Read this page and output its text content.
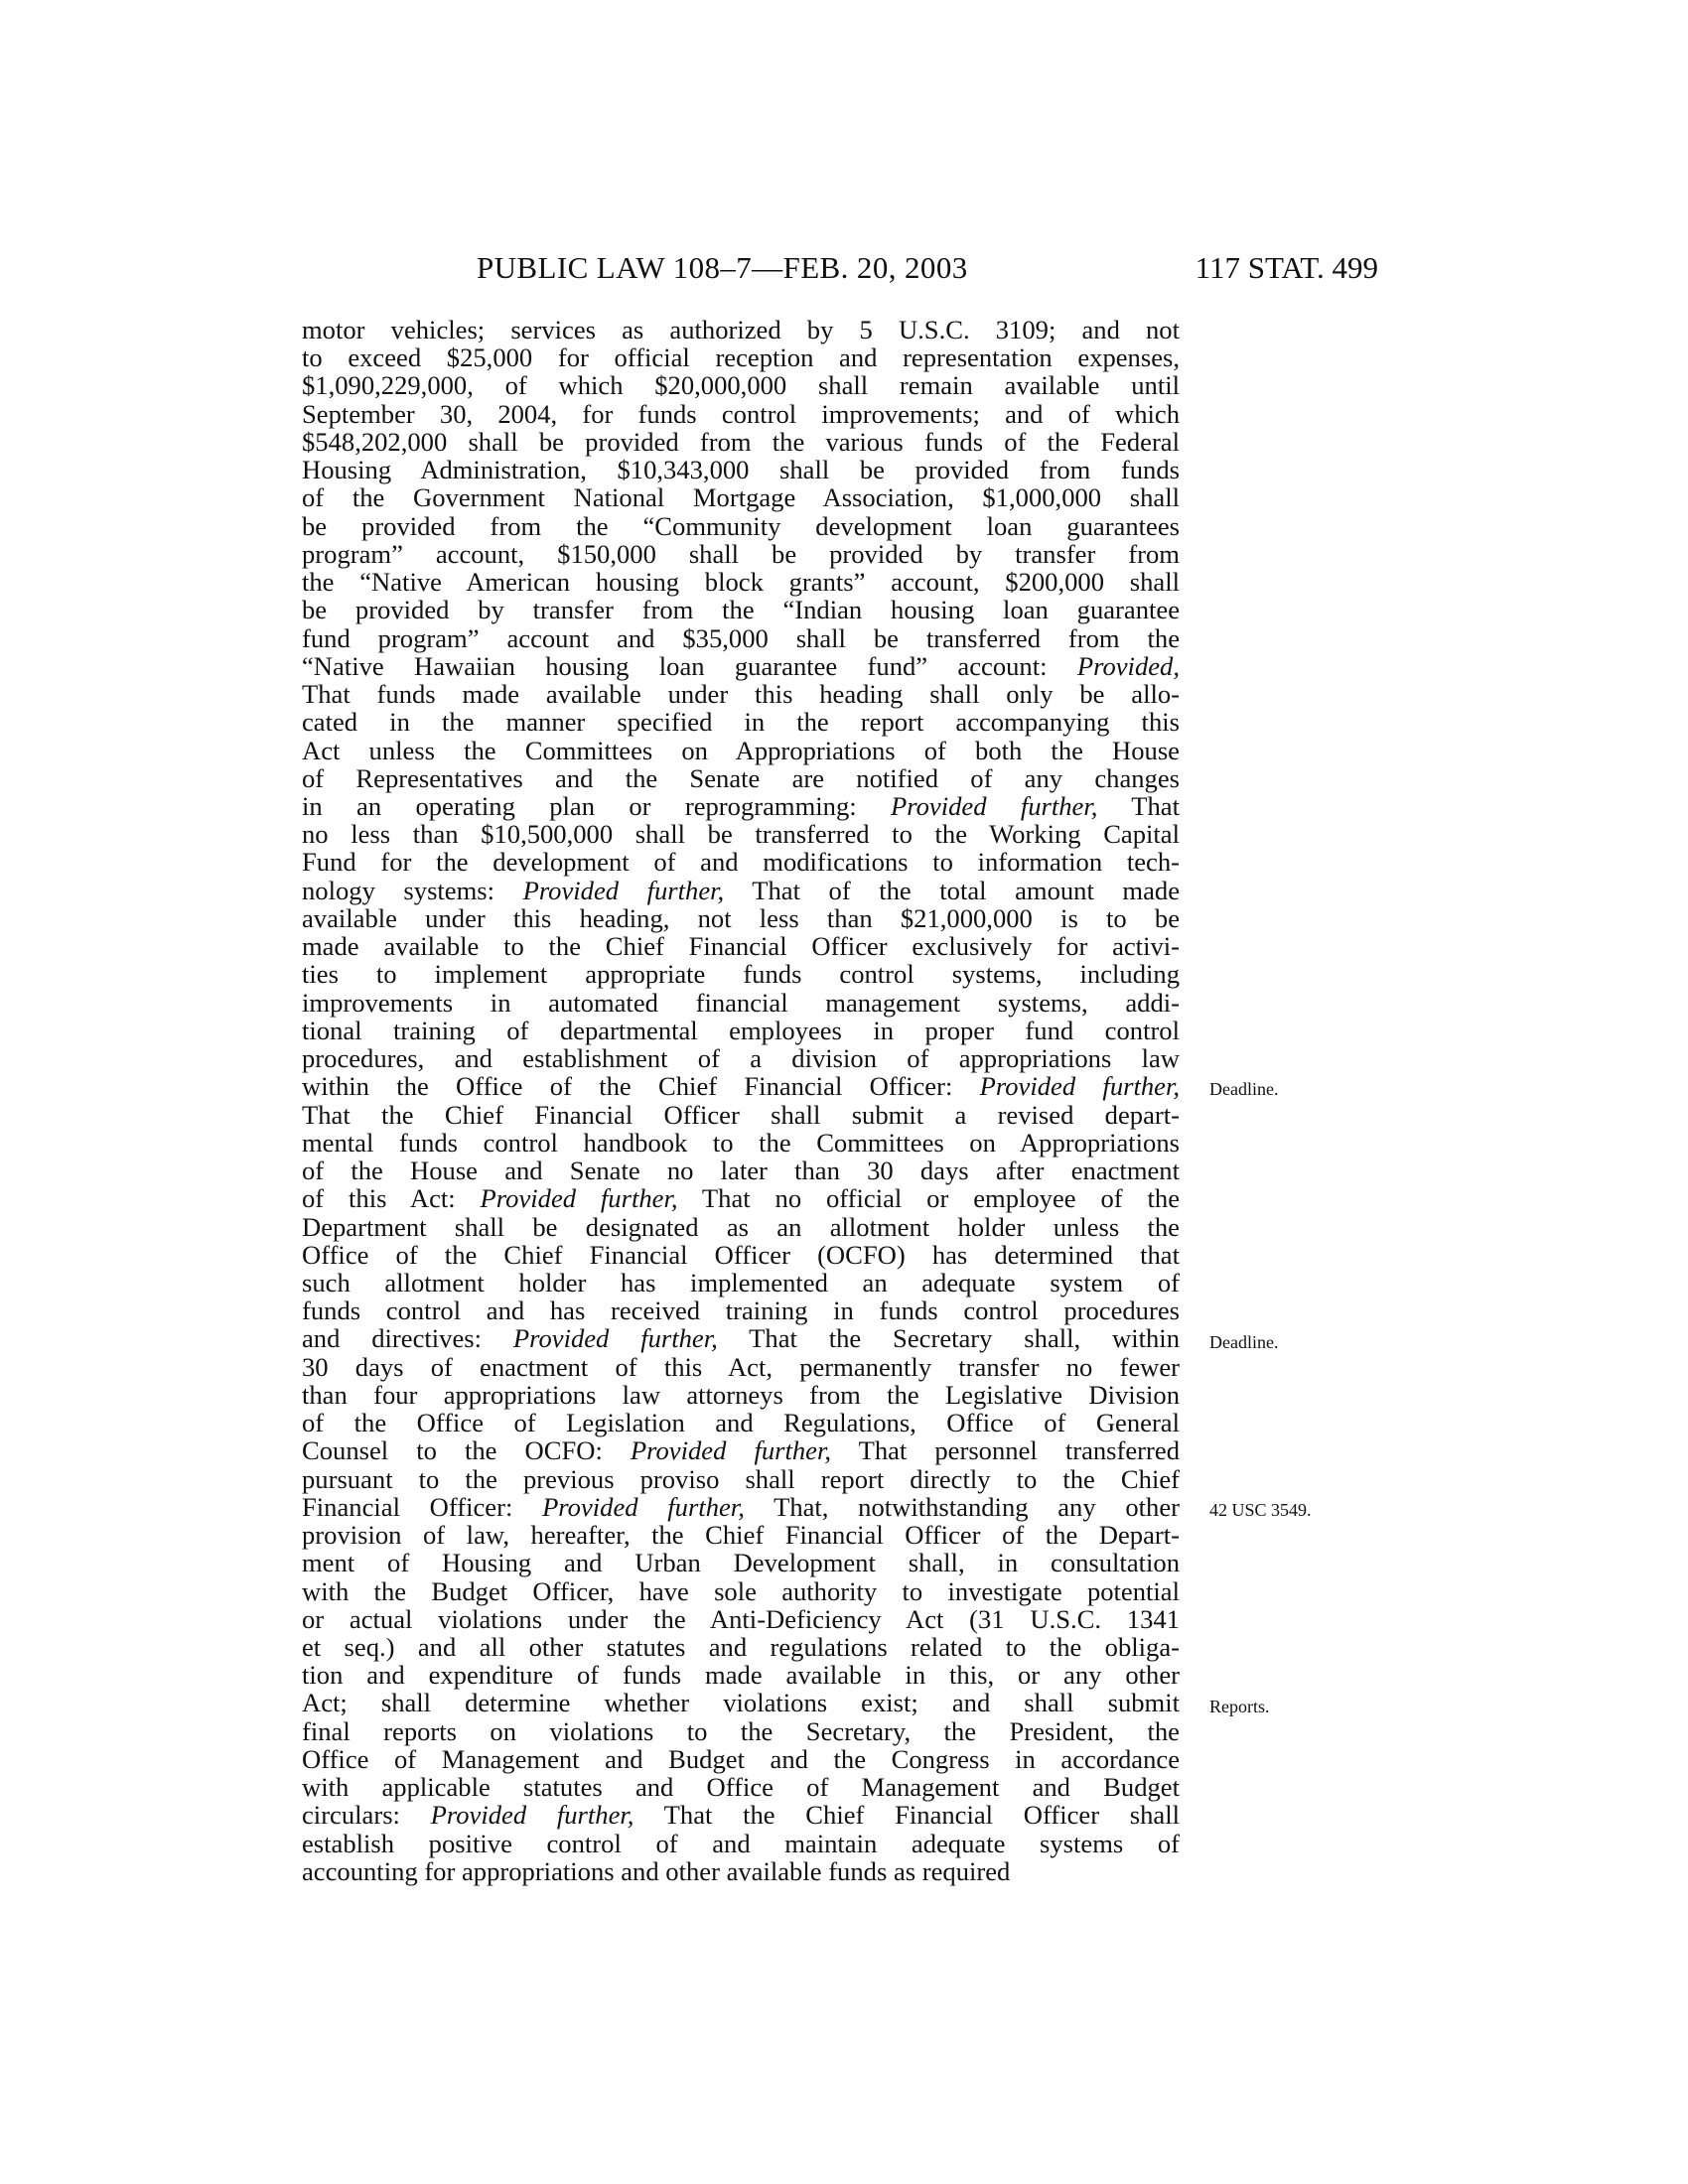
PUBLIC LAW 108–7—FEB. 20, 2003	117 STAT. 499
motor vehicles; services as authorized by 5 U.S.C. 3109; and not
to exceed $25,000 for official reception and representation expenses,
$1,090,229,000, of which $20,000,000 shall remain available until
September 30, 2004, for funds control improvements; and of which
$548,202,000 shall be provided from the various funds of the Federal
Housing Administration, $10,343,000 shall be provided from funds
of the Government National Mortgage Association, $1,000,000 shall
be provided from the “Community development loan guarantees
program” account, $150,000 shall be provided by transfer from
the “Native American housing block grants” account, $200,000 shall
be provided by transfer from the “Indian housing loan guarantee
fund program” account and $35,000 shall be transferred from the
“Native Hawaiian housing loan guarantee fund” account: Provided,
That funds made available under this heading shall only be allo-
cated in the manner specified in the report accompanying this
Act unless the Committees on Appropriations of both the House
of Representatives and the Senate are notified of any changes
in an operating plan or reprogramming: Provided further, That
no less than $10,500,000 shall be transferred to the Working Capital
Fund for the development of and modifications to information tech-
nology systems: Provided further, That of the total amount made
available under this heading, not less than $21,000,000 is to be
made available to the Chief Financial Officer exclusively for activi-
ties to implement appropriate funds control systems, including
improvements in automated financial management systems, addi-
tional training of departmental employees in proper fund control
procedures, and establishment of a division of appropriations law
within the Office of the Chief Financial Officer: Provided further,
That the Chief Financial Officer shall submit a revised depart-
mental funds control handbook to the Committees on Appropriations
of the House and Senate no later than 30 days after enactment
of this Act: Provided further, That no official or employee of the
Department shall be designated as an allotment holder unless the
Office of the Chief Financial Officer (OCFO) has determined that
such allotment holder has implemented an adequate system of
funds control and has received training in funds control procedures
and directives: Provided further, That the Secretary shall, within
30 days of enactment of this Act, permanently transfer no fewer
than four appropriations law attorneys from the Legislative Division
of the Office of Legislation and Regulations, Office of General
Counsel to the OCFO: Provided further, That personnel transferred
pursuant to the previous proviso shall report directly to the Chief
Financial Officer: Provided further, That, notwithstanding any other
provision of law, hereafter, the Chief Financial Officer of the Depart-
ment of Housing and Urban Development shall, in consultation
with the Budget Officer, have sole authority to investigate potential
or actual violations under the Anti-Deficiency Act (31 U.S.C. 1341
et seq.) and all other statutes and regulations related to the obliga-
tion and expenditure of funds made available in this, or any other
Act; shall determine whether violations exist; and shall submit
final reports on violations to the Secretary, the President, the
Office of Management and Budget and the Congress in accordance
with applicable statutes and Office of Management and Budget
circulars: Provided further, That the Chief Financial Officer shall
establish positive control of and maintain adequate systems of
accounting for appropriations and other available funds as required
Deadline.
Deadline.
42 USC 3549.
Reports.
